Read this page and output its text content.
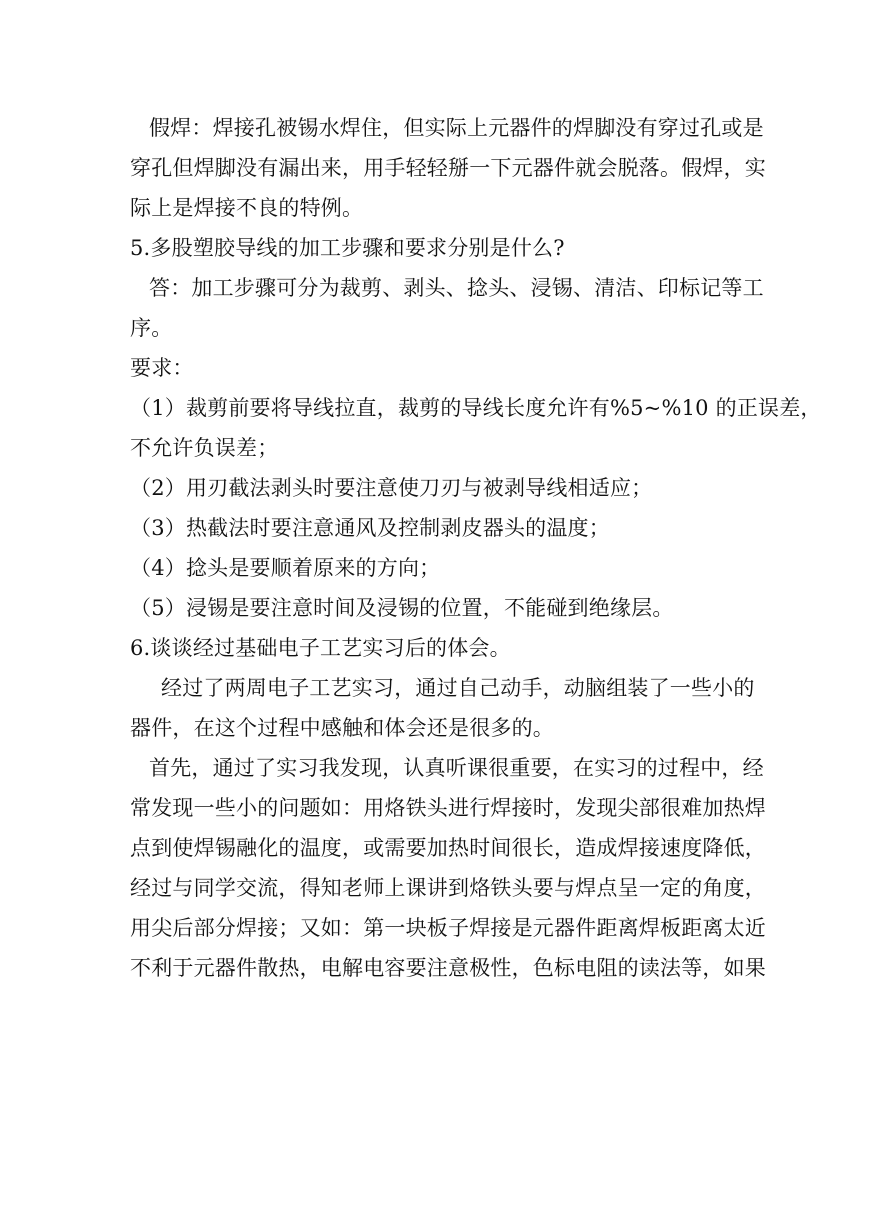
假焊：焊接孔被锡水焊住，但实际上元器件的焊脚没有穿过孔或是
穿孔但焊脚没有漏出来，用手轻轻掰一下元器件就会脱落。假焊，实
际上是焊接不良的特例。
5.多股塑胶导线的加工步骤和要求分别是什么?
答：加工步骤可分为裁剪、剥头、捻头、浸锡、清洁、印标记等工
序。
要求：
（1）裁剪前要将导线拉直，裁剪的导线长度允许有%5~%10 的正误差，
不允许负误差；
（2）用刃截法剥头时要注意使刀刃与被剥导线相适应；
（3）热截法时要注意通风及控制剥皮器头的温度；
（4）捻头是要顺着原来的方向；
（5）浸锡是要注意时间及浸锡的位置，不能碰到绝缘层。
6.谈谈经过基础电子工艺实习后的体会。
经过了两周电子工艺实习，通过自己动手，动脑组装了一些小的
器件，在这个过程中感触和体会还是很多的。
首先，通过了实习我发现，认真听课很重要，在实习的过程中，经
常发现一些小的问题如：用烙铁头进行焊接时，发现尖部很难加热焊
点到使焊锡融化的温度，或需要加热时间很长，造成焊接速度降低，
经过与同学交流，得知老师上课讲到烙铁头要与焊点呈一定的角度，
用尖后部分焊接；又如：第一块板子焊接是元器件距离焊板距离太近
不利于元器件散热，电解电容要注意极性，色标电阻的读法等，如果
